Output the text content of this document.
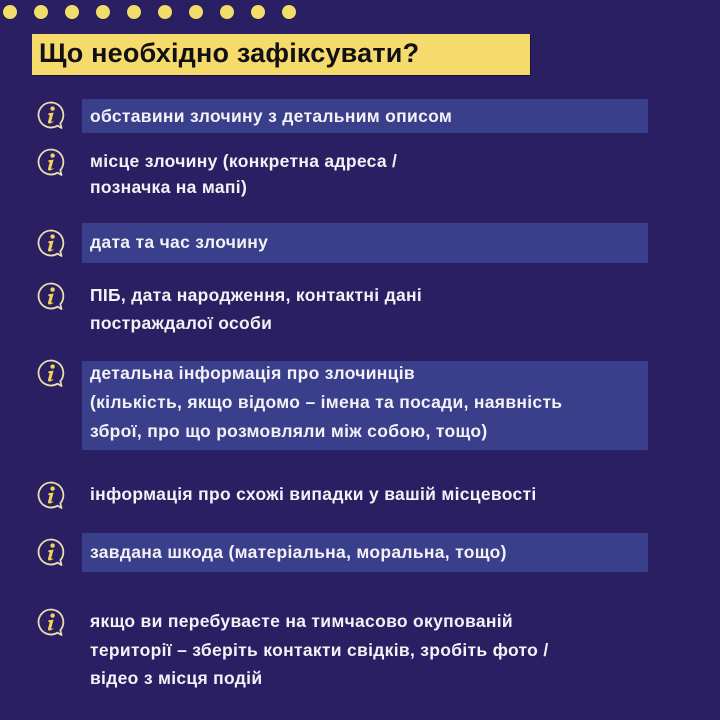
Що необхідно зафіксувати?
обставини злочину з детальним описом
місце злочину (конкретна адреса /
позначка на мапі)
дата та час злочину
ПІБ, дата народження, контактні дані
постраждалої особи
детальна інформація про злочинців
(кількість, якщо відомо – імена та посади, наявність
зброї, про що розмовляли між собою, тощо)
інформація про схожі випадки у вашій місцевості
завдана шкода (матеріальна, моральна, тощо)
якщо ви перебуваєте на тимчасово окупованій
території – зберіть контакти свідків, зробіть фото /
відео з місця подій
